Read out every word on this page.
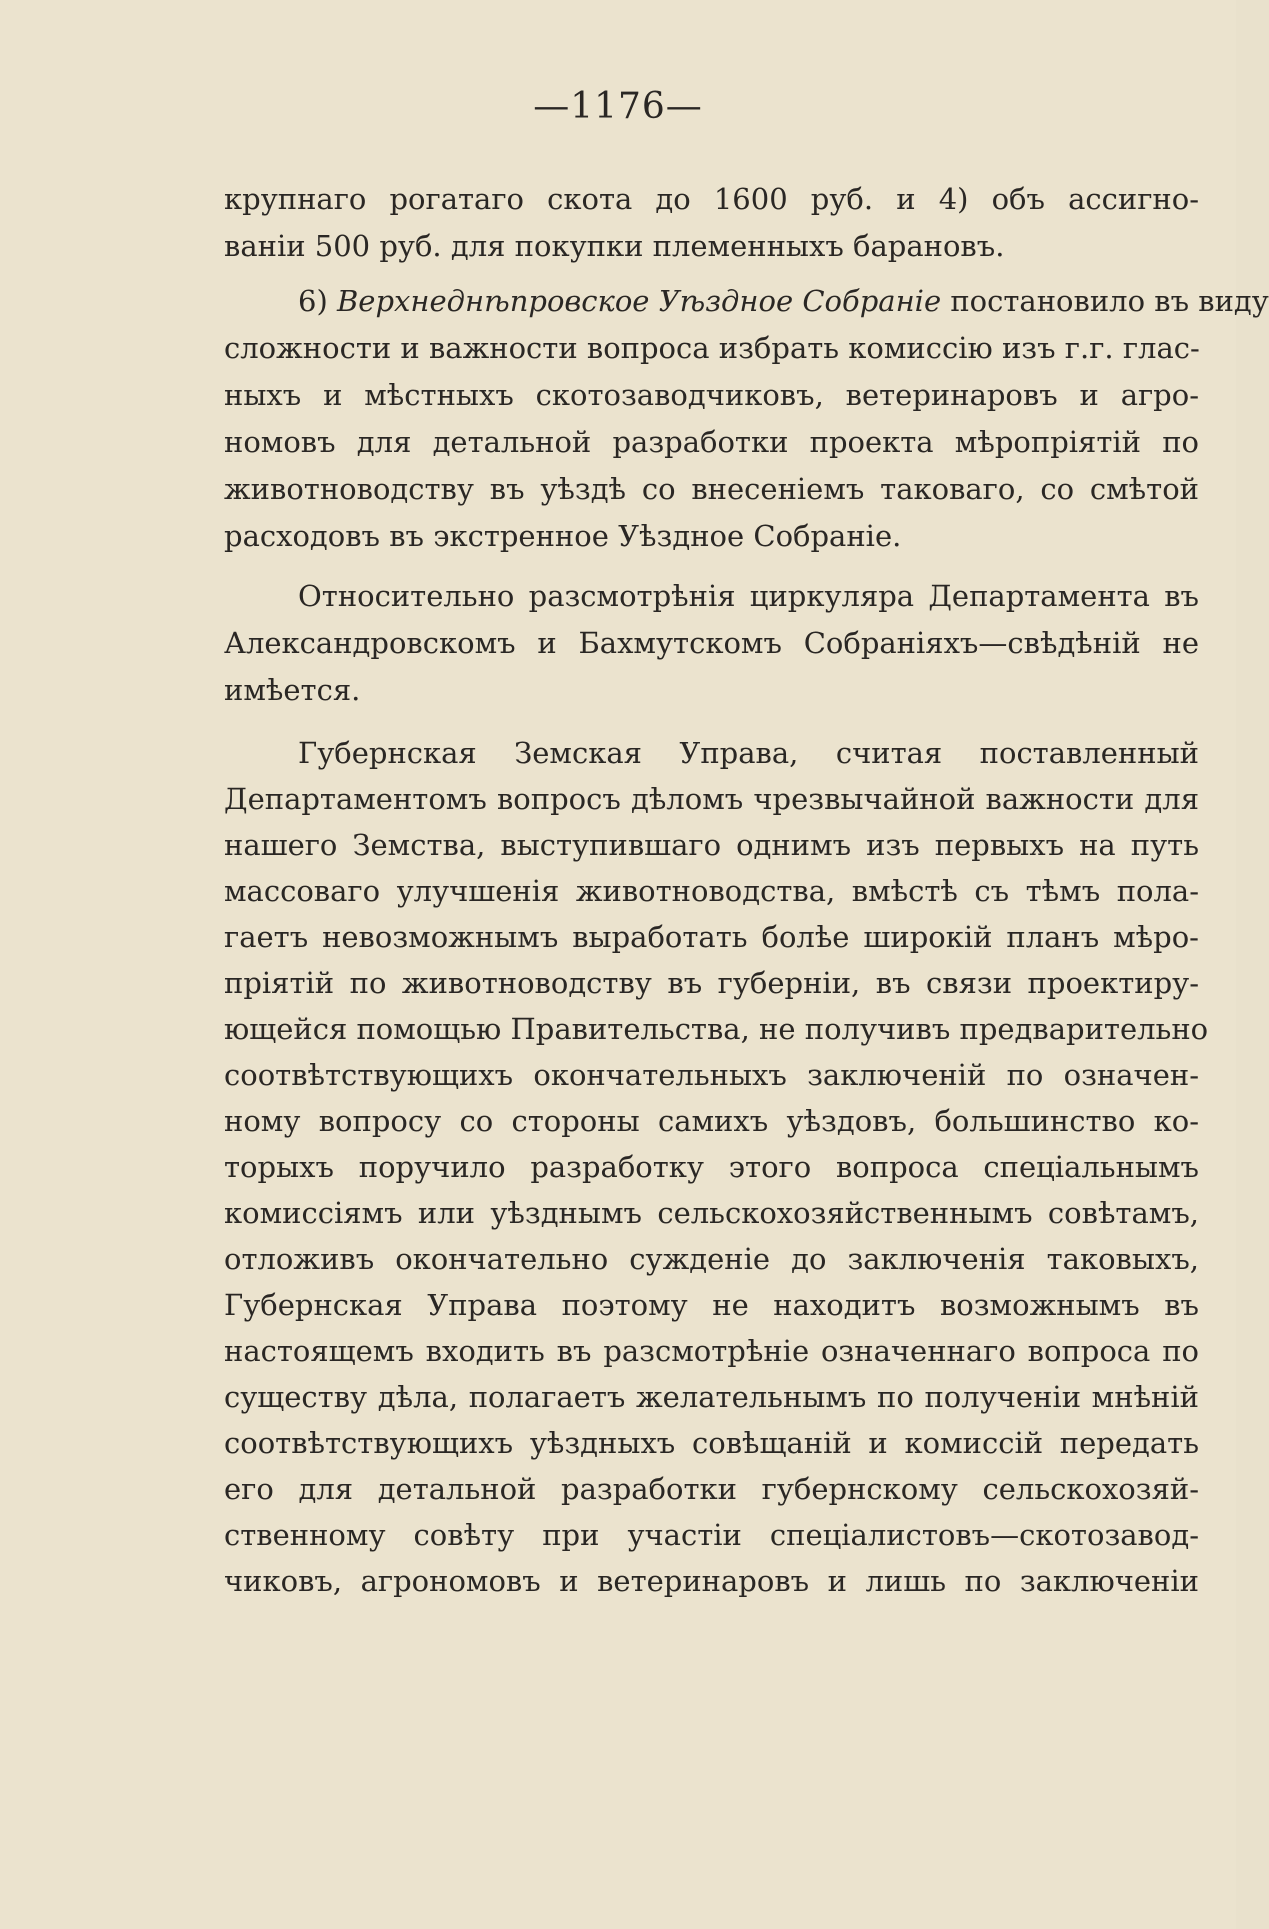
—1176—
крупнаго рогатаго скота до 1600 руб. и 4) объ ассигно-
ваніи 500 руб. для покупки племенныхъ барановъ.
6) Верхнеднѣпровское Уѣздное Собраніе постановило въ виду
сложности и важности вопроса избрать комиссію изъ г.г. глас-
ныхъ и мѣстныхъ скотозаводчиковъ, ветеринаровъ и агро-
номовъ для детальной разработки проекта мѣропріятій по
животноводству въ уѣздѣ со внесеніемъ таковаго, со смѣтой
расходовъ въ экстренное Уѣздное Собраніе.
Относительно разсмотрѣнія циркуляра Департамента въ
Александровскомъ и Бахмутскомъ Собраніяхъ—свѣдѣній не
имѣется.
Губернская Земская Управа, считая поставленный
Департаментомъ вопросъ дѣломъ чрезвычайной важности для
нашего Земства, выступившаго однимъ изъ первыхъ на путь
массоваго улучшенія животноводства, вмѣстѣ съ тѣмъ пола-
гаетъ невозможнымъ выработать болѣе широкій планъ мѣро-
пріятій по животноводству въ губерніи, въ связи проектиру-
ющейся помощью Правительства, не получивъ предварительно
соотвѣтствующихъ окончательныхъ заключеній по означен-
ному вопросу со стороны самихъ уѣздовъ, большинство ко-
торыхъ поручило разработку этого вопроса спеціальнымъ
комиссіямъ или уѣзднымъ сельскохозяйственнымъ совѣтамъ,
отложивъ окончательно сужденіе до заключенія таковыхъ,
Губернская Управа поэтому не находитъ возможнымъ въ
настоящемъ входить въ разсмотрѣніе означеннаго вопроса по
существу дѣла, полагаетъ желательнымъ по полученіи мнѣній
соотвѣтствующихъ уѣздныхъ совѣщаній и комиссій передать
его для детальной разработки губернскому сельскохозяй-
ственному совѣту при участіи спеціалистовъ—скотозавод-
чиковъ, агрономовъ и ветеринаровъ и лишь по заключеніи
